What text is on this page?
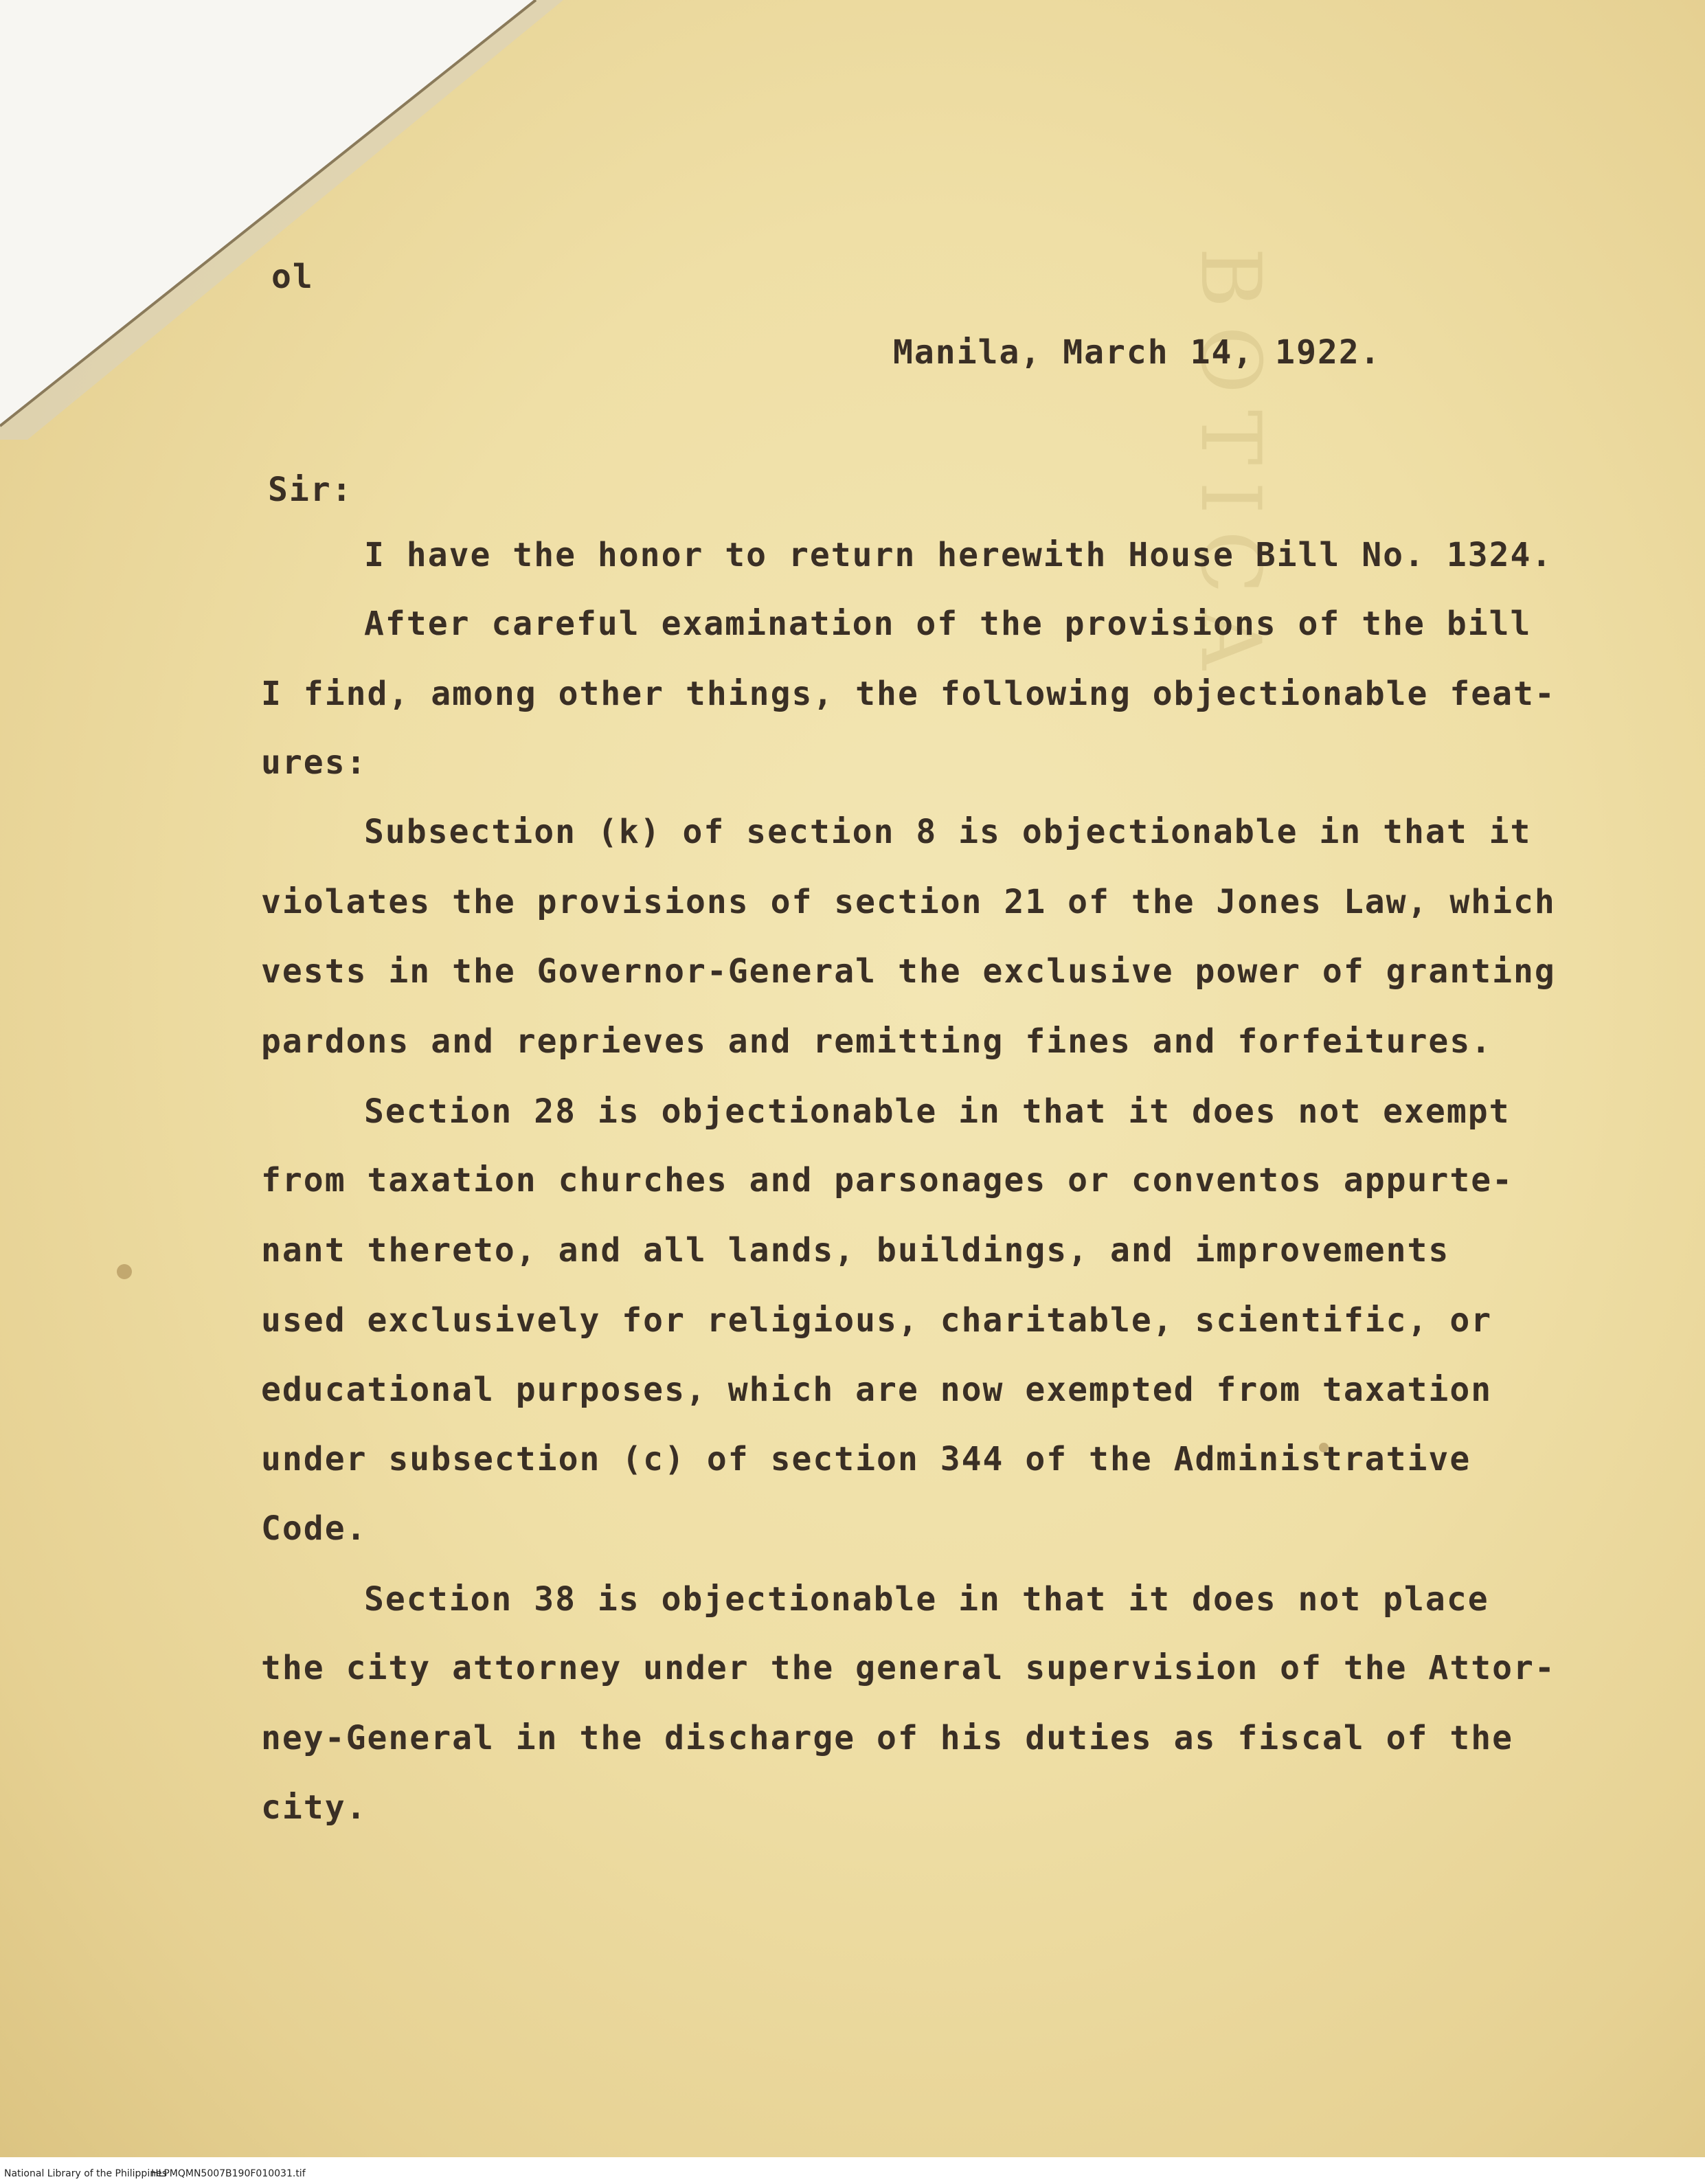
BOTICA
ol
Manila, March 14, 1922.
Sir:
I have the honor to return herewith House Bill No. 1324.
After careful examination of the provisions of the bill
I find, among other things, the following objectionable feat-
ures:
Subsection (k) of section 8 is objectionable in that it
violates the provisions of section 21 of the Jones Law, which
vests in the Governor-General the exclusive power of granting
pardons and reprieves and remitting fines and forfeitures.
Section 28 is objectionable in that it does not exempt
from taxation churches and parsonages or conventos appurte-
nant thereto, and all lands, buildings, and improvements
used exclusively for religious, charitable, scientific, or
educational purposes, which are now exempted from taxation
under subsection (c) of section 344 of the Administrative
Code.
Section 38 is objectionable in that it does not place
the city attorney under the general supervision of the Attor-
ney-General in the discharge of his duties as fiscal of the
city.
National Library of the Philippines
HLPMQMN5007B190F010031.tif
